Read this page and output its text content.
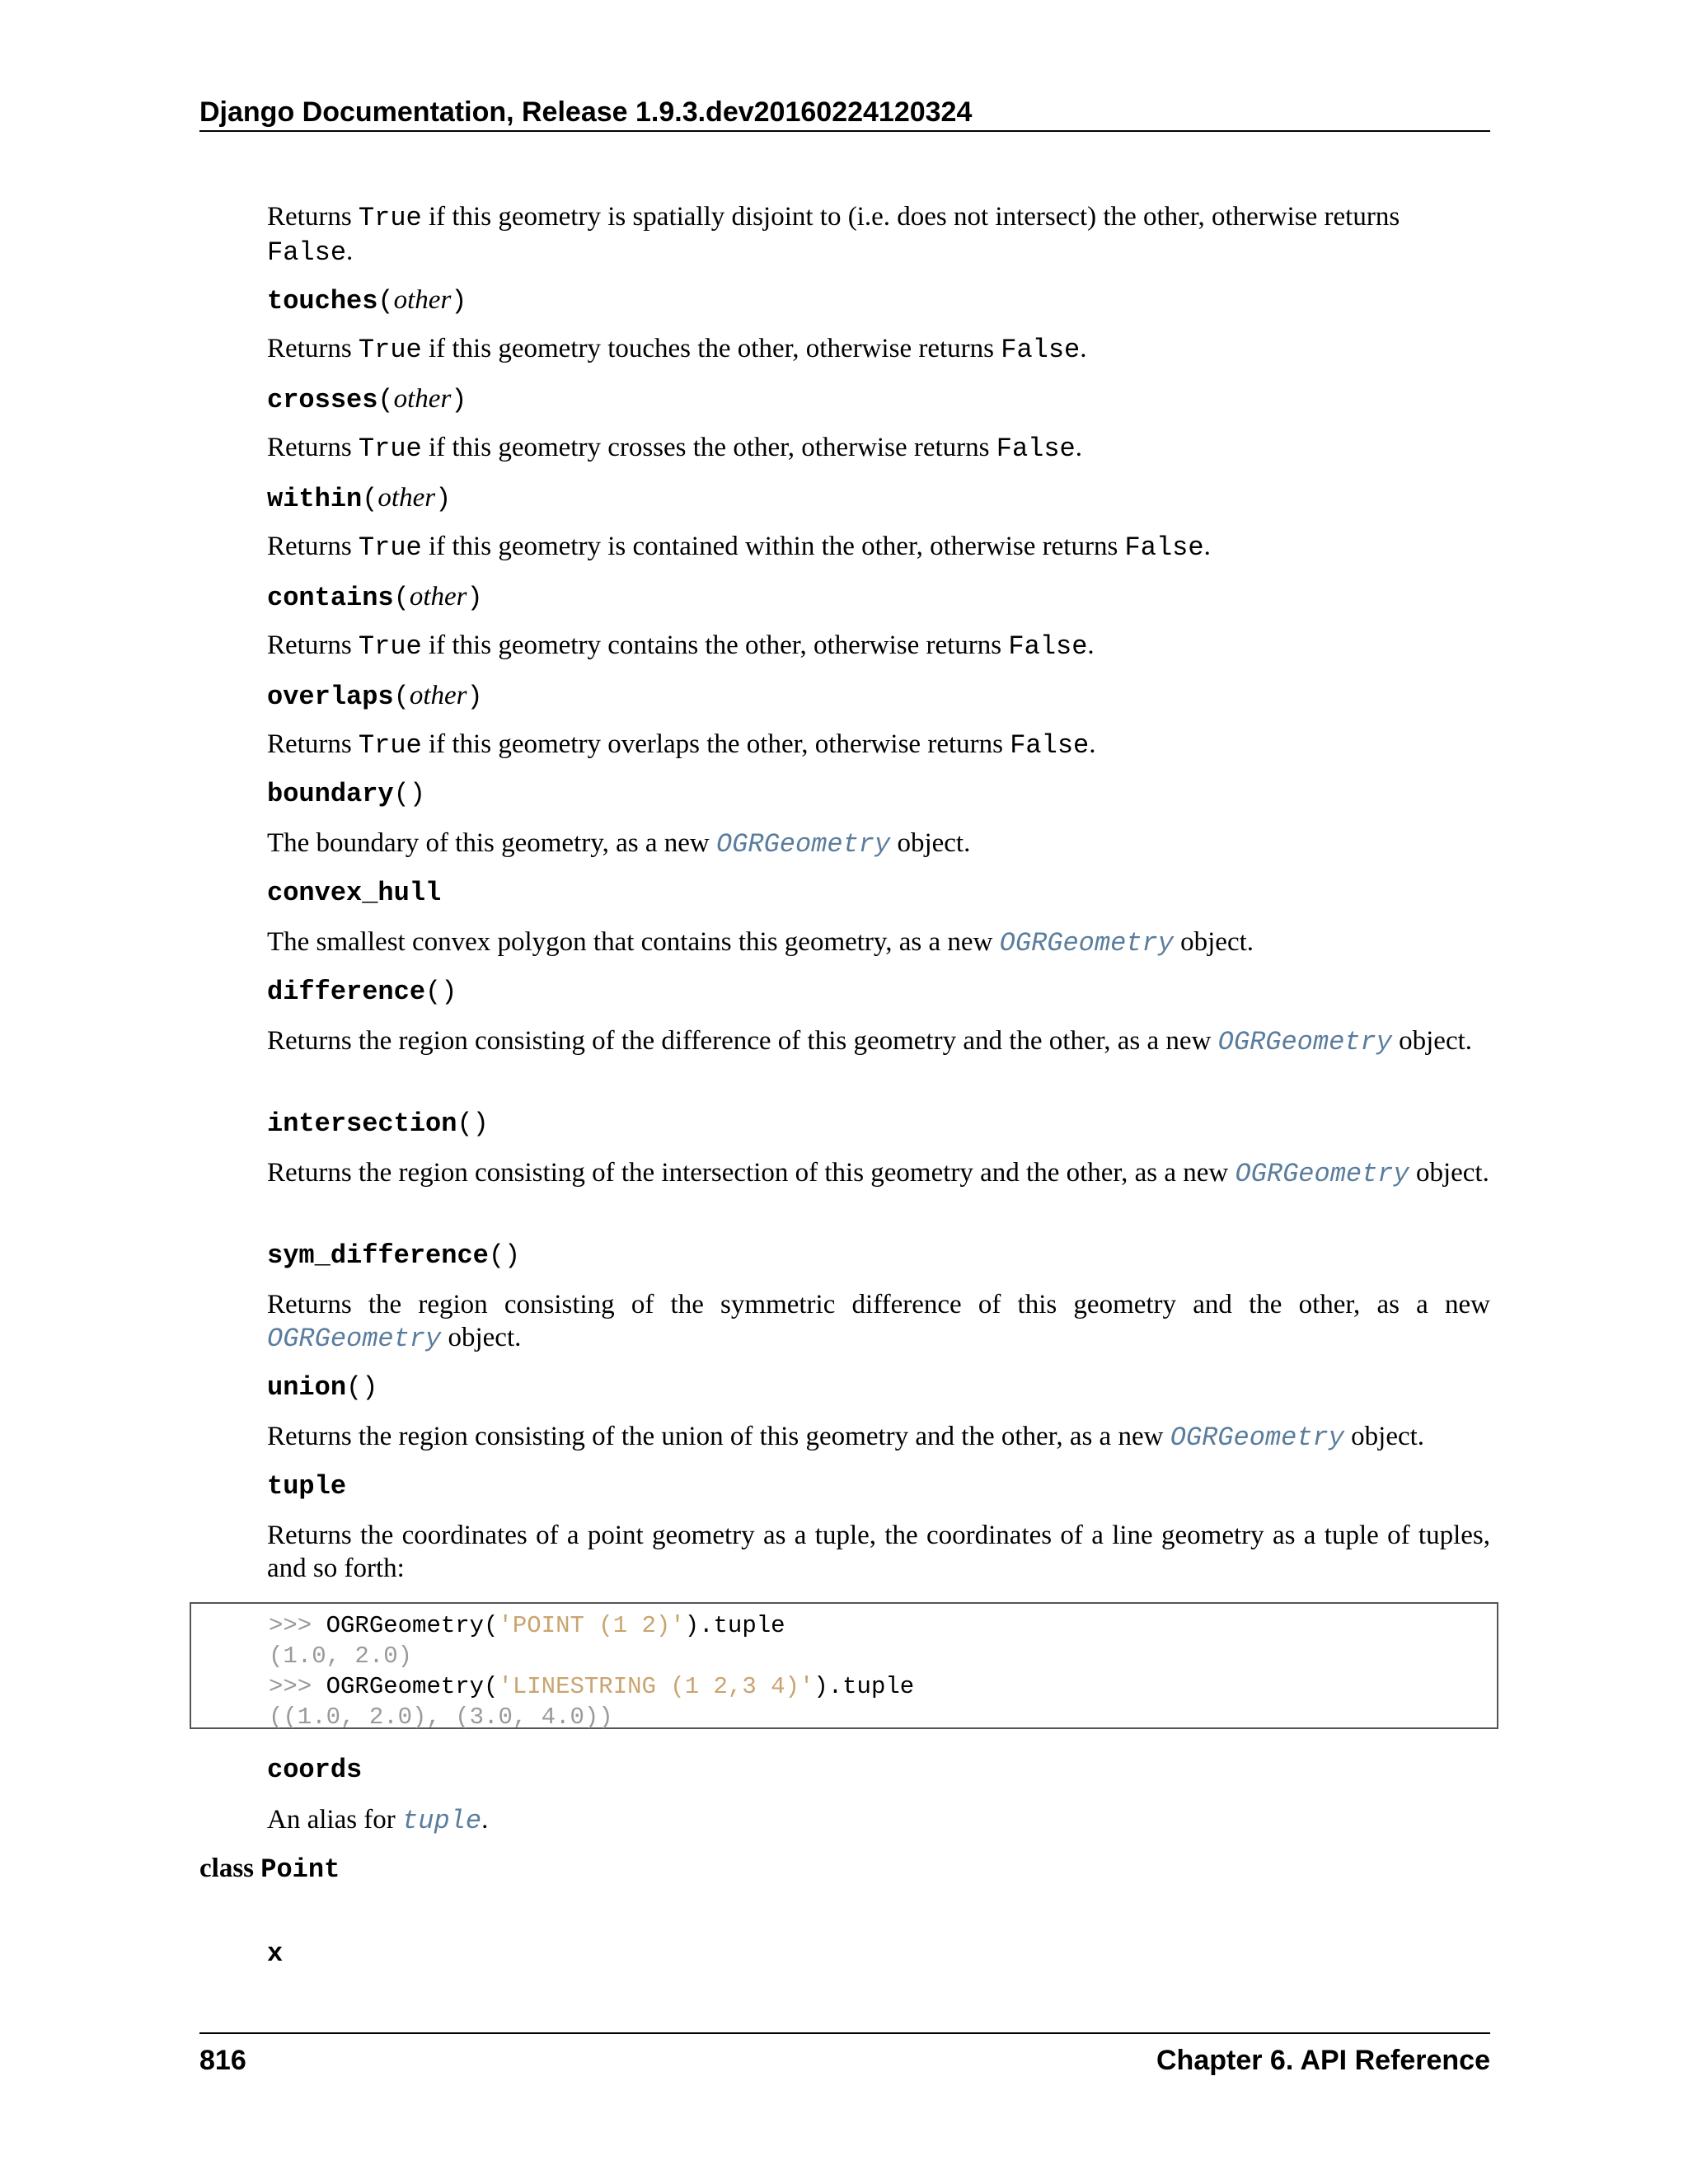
Django Documentation, Release 1.9.3.dev20160224120324
Returns True if this geometry is spatially disjoint to (i.e. does not intersect) the other, otherwise returns False.
touches(other)
Returns True if this geometry touches the other, otherwise returns False.
crosses(other)
Returns True if this geometry crosses the other, otherwise returns False.
within(other)
Returns True if this geometry is contained within the other, otherwise returns False.
contains(other)
Returns True if this geometry contains the other, otherwise returns False.
overlaps(other)
Returns True if this geometry overlaps the other, otherwise returns False.
boundary()
The boundary of this geometry, as a new OGRGeometry object.
convex_hull
The smallest convex polygon that contains this geometry, as a new OGRGeometry object.
difference()
Returns the region consisting of the difference of this geometry and the other, as a new OGRGeometry object.
intersection()
Returns the region consisting of the intersection of this geometry and the other, as a new OGRGeometry object.
sym_difference()
Returns the region consisting of the symmetric difference of this geometry and the other, as a new OGRGeometry object.
union()
Returns the region consisting of the union of this geometry and the other, as a new OGRGeometry object.
tuple
Returns the coordinates of a point geometry as a tuple, the coordinates of a line geometry as a tuple of tuples, and so forth:
>>> OGRGeometry('POINT (1 2)').tuple
(1.0, 2.0)
>>> OGRGeometry('LINESTRING (1 2,3 4)').tuple
((1.0, 2.0), (3.0, 4.0))
coords
An alias for tuple.
class Point
x
816	Chapter 6. API Reference
